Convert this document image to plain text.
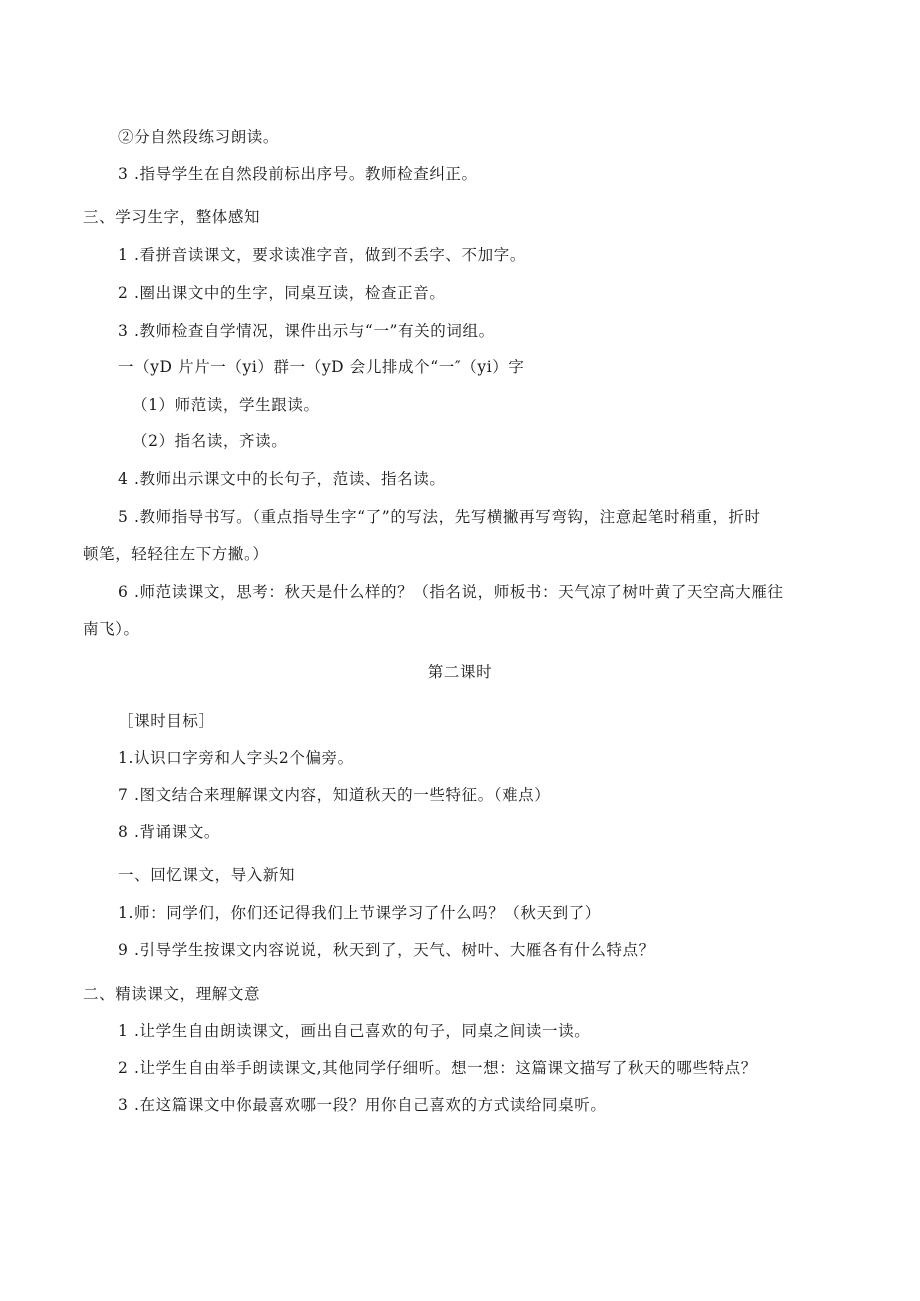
②分自然段练习朗读。
3 .指导学生在自然段前标出序号。教师检查纠正。
三、学习生字，整体感知
1 .看拼音读课文，要求读准字音，做到不丢字、不加字。
2 .圈出课文中的生字，同桌互读，检查正音。
3 .教师检查自学情况，课件出示与“一”有关的词组。
一（yD 片片一（yi）群一（yD 会儿排成个“一″（yi）字
（1）师范读，学生跟读。
（2）指名读，齐读。
4 .教师出示课文中的长句子，范读、指名读。
5 .教师指导书写。（重点指导生字“了”的写法，先写横撇再写弯钩，注意起笔时稍重，折时
顿笔，轻轻往左下方撇。）
6 .师范读课文，思考：秋天是什么样的？（指名说，师板书：天气凉了树叶黄了天空高大雁往
南飞）。
第二课时
［课时目标］
1.认识口字旁和人字头2个偏旁。
7 .图文结合来理解课文内容，知道秋天的一些特征。（难点）
8 .背诵课文。
一、回忆课文，导入新知
1.师：同学们，你们还记得我们上节课学习了什么吗？（秋天到了）
9 .引导学生按课文内容说说，秋天到了，天气、树叶、大雁各有什么特点？
二、精读课文，理解文意
1 .让学生自由朗读课文，画出自己喜欢的句子，同桌之间读一读。
2 .让学生自由举手朗读课文,其他同学仔细听。想一想：这篇课文描写了秋天的哪些特点？
3 .在这篇课文中你最喜欢哪一段？用你自己喜欢的方式读给同桌听。
